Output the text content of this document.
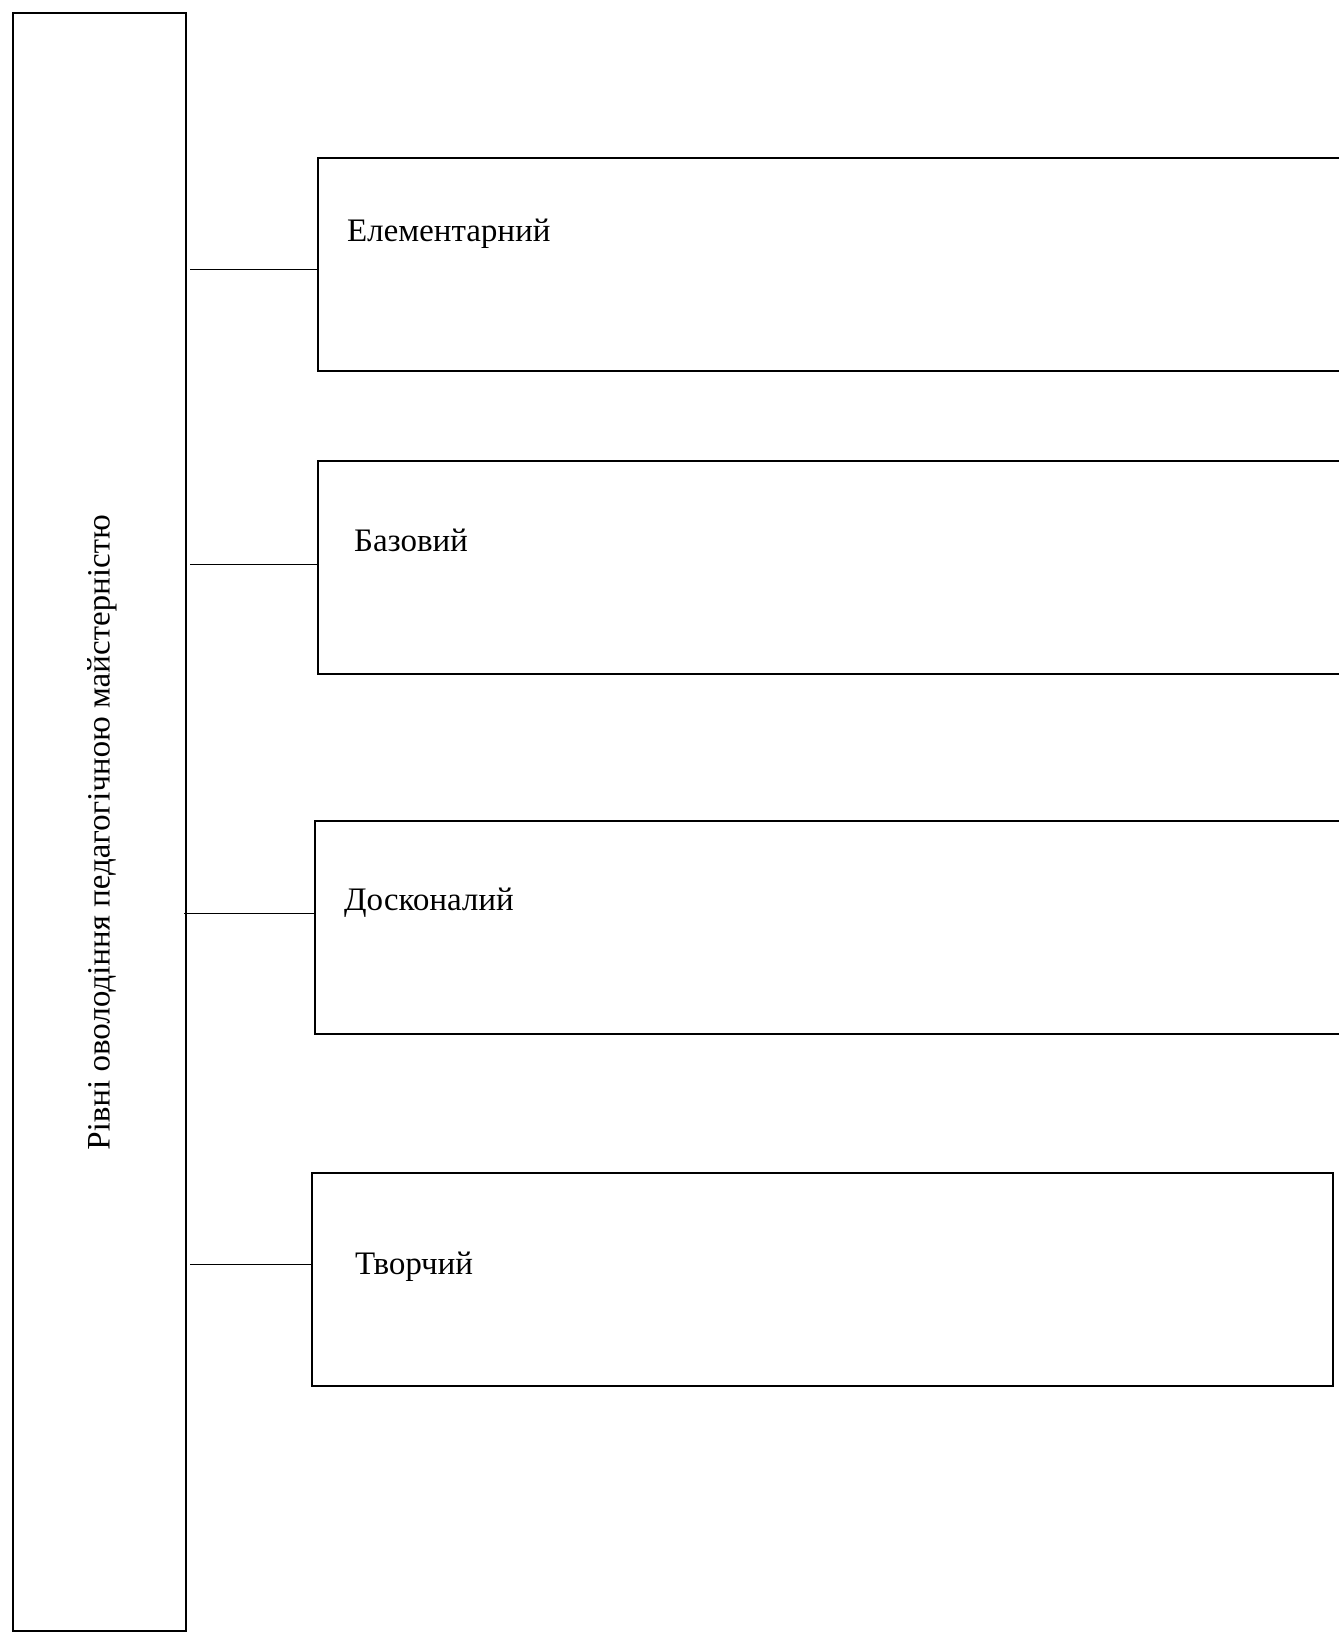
Рівні оволодіння педагогічною майстерністю
Елементарний
Базовий
Досконалий
Творчий
